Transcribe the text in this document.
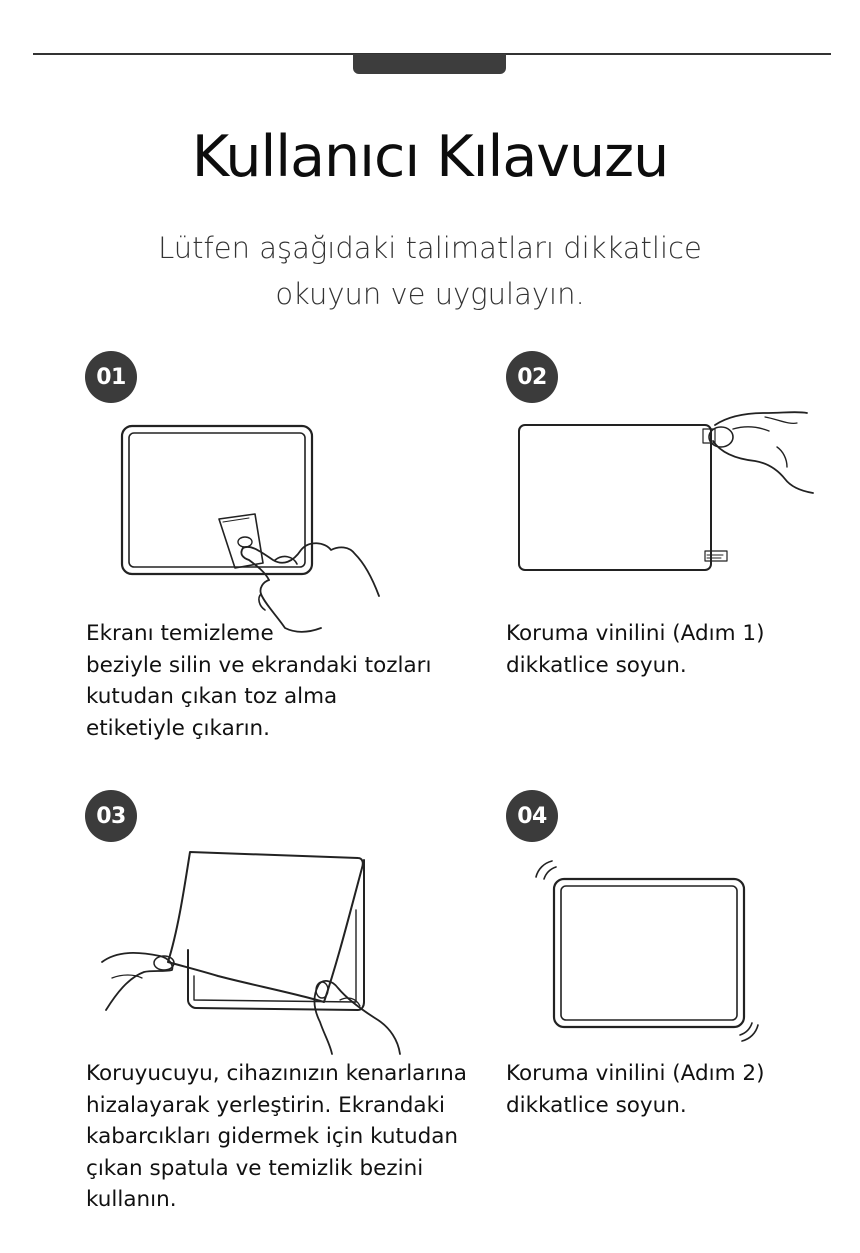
Kullanıcı Kılavuzu
Lütfen aşağıdaki talimatları dikkatlice
okuyun ve uygulayın.
01
Ekranı temizleme
beziyle silin ve ekrandaki tozları
kutudan çıkan toz alma
etiketiyle çıkarın.
02
Koruma vinilini (Adım 1)
dikkatlice soyun.
03
Koruyucuyu, cihazınızın kenarlarına
hizalayarak yerleştirin. Ekrandaki
kabarcıkları gidermek için kutudan
çıkan spatula ve temizlik bezini
kullanın.
04
Koruma vinilini (Adım 2)
dikkatlice soyun.
